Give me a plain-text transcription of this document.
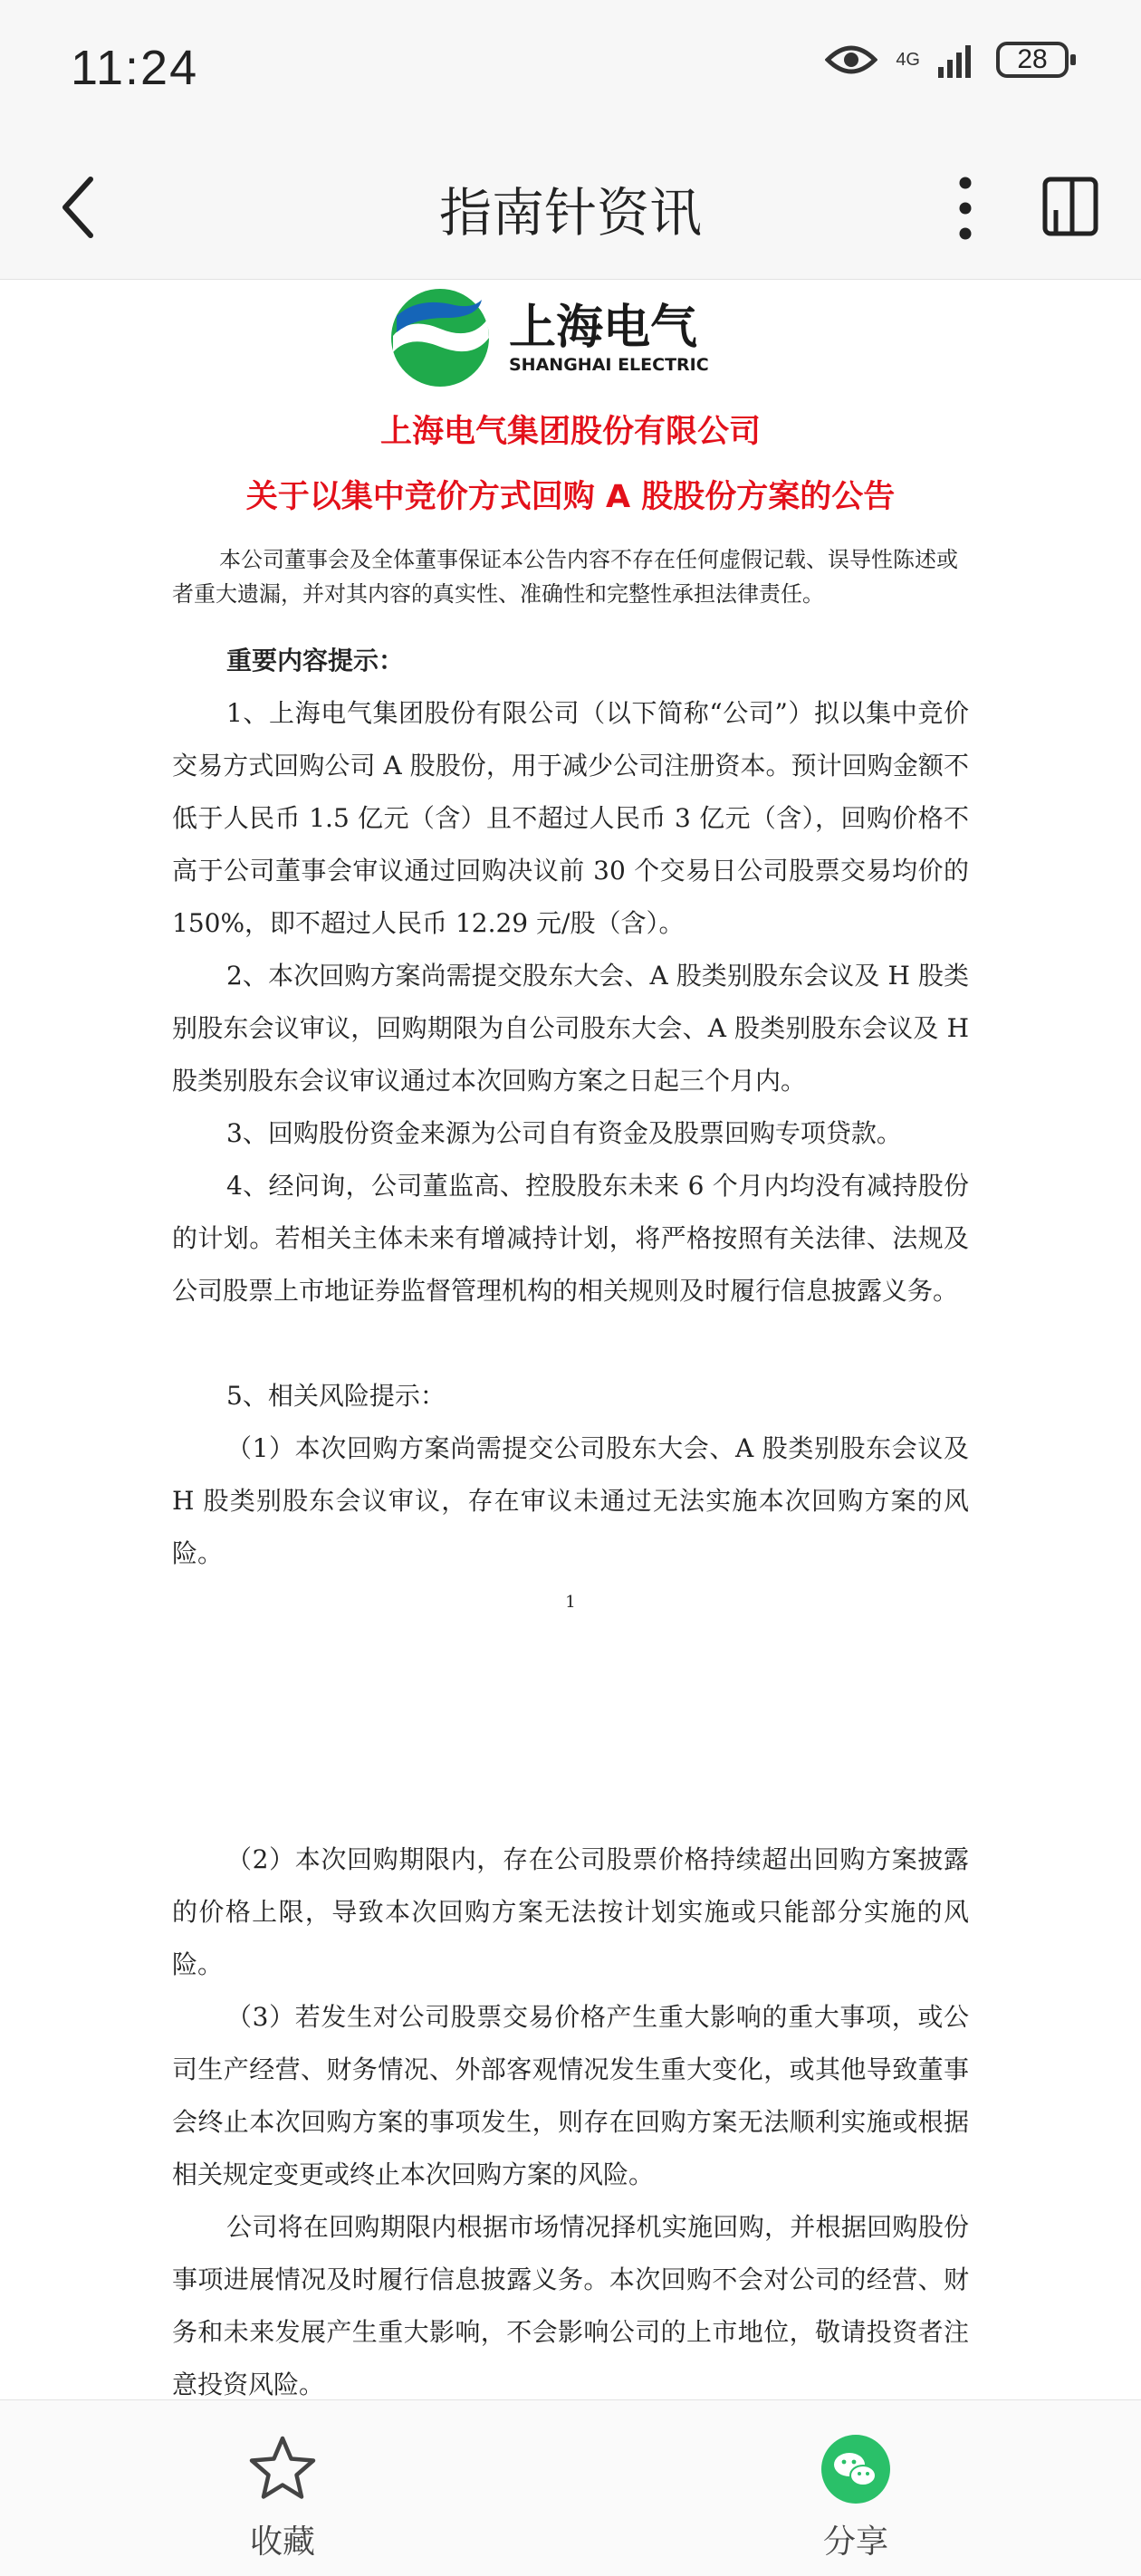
11:24	4G	28
指南针资讯
上海电气
SHANGHAI ELECTRIC
上海电气集团股份有限公司
关于以集中竞价方式回购 A 股股份方案的公告
本公司董事会及全体董事保证本公告内容不存在任何虚假记载、误导性陈述或者重大遗漏，并对其内容的真实性、准确性和完整性承担法律责任。
重要内容提示：
1、上海电气集团股份有限公司（以下简称“公司”）拟以集中竞价交易方式回购公司 A 股股份，用于减少公司注册资本。预计回购金额不低于人民币 1.5 亿元（含）且不超过人民币 3 亿元（含），回购价格不高于公司董事会审议通过回购决议前 30 个交易日公司股票交易均价的 150%，即不超过人民币 12.29 元/股（含）。
2、本次回购方案尚需提交股东大会、A 股类别股东会议及 H 股类别股东会议审议，回购期限为自公司股东大会、A 股类别股东会议及 H 股类别股东会议审议通过本次回购方案之日起三个月内。
3、回购股份资金来源为公司自有资金及股票回购专项贷款。
4、经问询，公司董监高、控股股东未来 6 个月内均没有减持股份的计划。若相关主体未来有增减持计划，将严格按照有关法律、法规及公司股票上市地证券监督管理机构的相关规则及时履行信息披露义务。
5、相关风险提示：
（1）本次回购方案尚需提交公司股东大会、A 股类别股东会议及 H 股类别股东会议审议，存在审议未通过无法实施本次回购方案的风险。
1
（2）本次回购期限内，存在公司股票价格持续超出回购方案披露的价格上限，导致本次回购方案无法按计划实施或只能部分实施的风险。
（3）若发生对公司股票交易价格产生重大影响的重大事项，或公司生产经营、财务情况、外部客观情况发生重大变化，或其他导致董事会终止本次回购方案的事项发生，则存在回购方案无法顺利实施或根据相关规定变更或终止本次回购方案的风险。
公司将在回购期限内根据市场情况择机实施回购，并根据回购股份事项进展情况及时履行信息披露义务。本次回购不会对公司的经营、财务和未来发展产生重大影响，不会影响公司的上市地位，敬请投资者注意投资风险。
收藏	分享
